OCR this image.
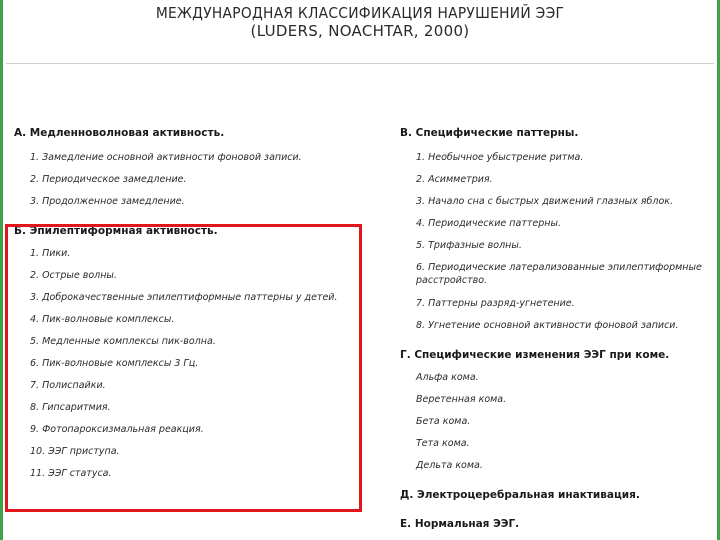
МЕЖДУНАРОДНАЯ КЛАССИФИКАЦИЯ НАРУШЕНИЙ ЭЭГ
(LUDERS, NOACHTAR, 2000)
А. Медленноволновая активность.
1. Замедление основной активности фоновой записи.
2. Периодическое замедление.
3. Продолженное замедление.
Б. Эпилептиформная активность.
1. Пики.
2. Острые волны.
3. Доброкачественные эпилептиформные паттерны у детей.
4. Пик-волновые комплексы.
5. Медленные комплексы пик-волна.
6. Пик-волновые комплексы 3 Гц.
7. Полиспайки.
8. Гипсаритмия.
9. Фотопароксизмальная реакция.
10. ЭЭГ приступа.
11. ЭЭГ статуса.
В. Специфические паттерны.
1. Необычное убыстрение ритма.
2. Асимметрия.
3. Начало сна с быстрых движений глазных яблок.
4. Периодические паттерны.
5. Трифазные волны.
6. Периодические латерализованные эпилептиформные расстройство.
7. Паттерны разряд-угнетение.
8. Угнетение основной активности фоновой записи.
Г. Специфические изменения ЭЭГ при коме.
Альфа кома.
Веретенная кома.
Бета кома.
Тета кома.
Дельта кома.
Д. Электроцеребральная инактивация.
Е. Нормальная ЭЭГ.
